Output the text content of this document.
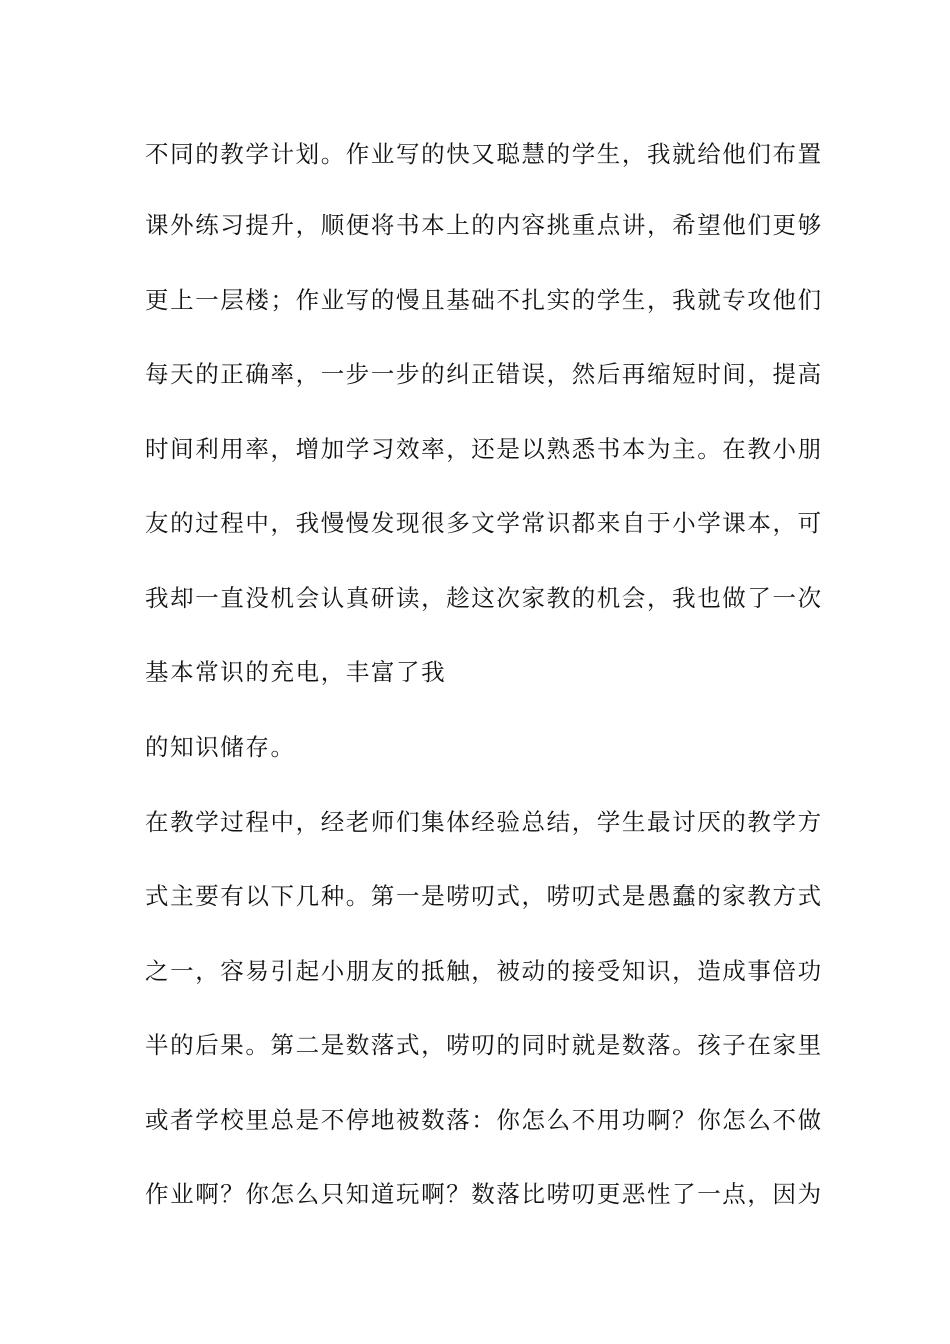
不同的教学计划。作业写的快又聪慧的学生，我就给他们布置
课外练习提升，顺便将书本上的内容挑重点讲，希望他们更够
更上一层楼；作业写的慢且基础不扎实的学生，我就专攻他们
每天的正确率，一步一步的纠正错误，然后再缩短时间，提高
时间利用率，增加学习效率，还是以熟悉书本为主。在教小朋
友的过程中，我慢慢发现很多文学常识都来自于小学课本，可
我却一直没机会认真研读，趁这次家教的机会，我也做了一次
基本常识的充电，丰富了我
的知识储存。
在教学过程中，经老师们集体经验总结，学生最讨厌的教学方
式主要有以下几种。第一是唠叨式，唠叨式是愚蠢的家教方式
之一，容易引起小朋友的抵触，被动的接受知识，造成事倍功
半的后果。第二是数落式，唠叨的同时就是数落。孩子在家里
或者学校里总是不停地被数落：你怎么不用功啊？你怎么不做
作业啊？你怎么只知道玩啊？数落比唠叨更恶性了一点，因为
